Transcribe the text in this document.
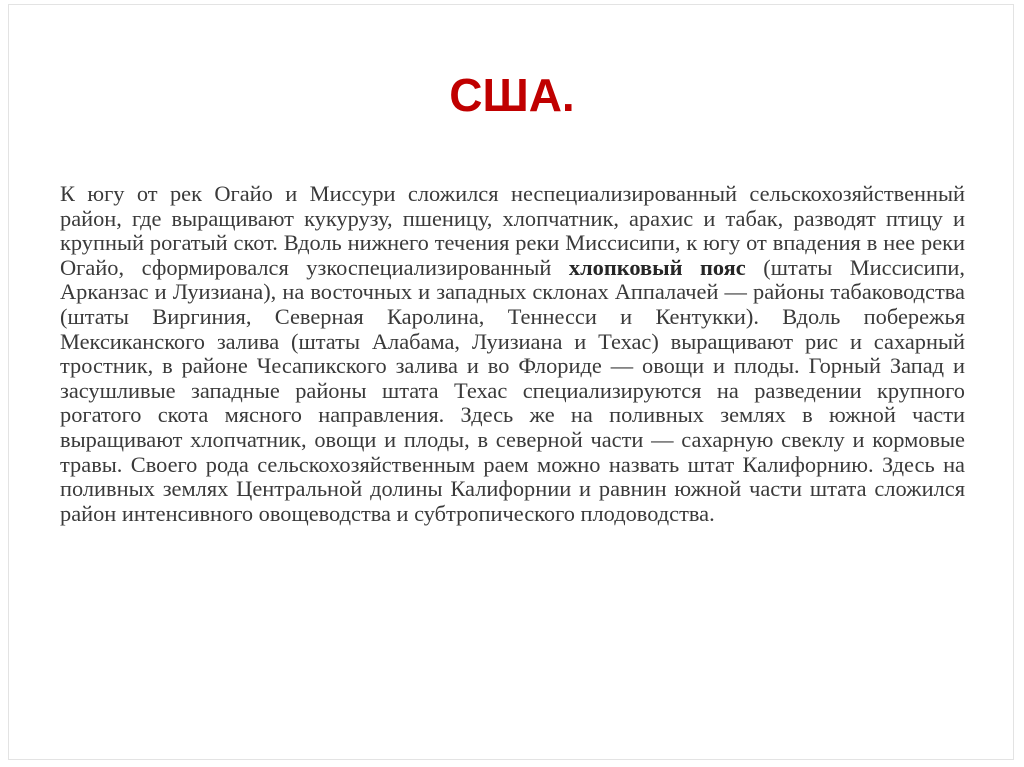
США.

К югу от рек Огайо и Миссури сложился неспециализированный сельскохозяйственный район, где выращивают кукурузу, пшеницу, хлопчатник, арахис и табак, разводят птицу и крупный рогатый скот. Вдоль нижнего течения реки Миссисипи, к югу от впадения в нее реки Огайо, сформировался узкоспециализированный хлопковый пояс (штаты Миссисипи, Арканзас и Луизиана), на восточных и западных склонах Аппалачей — районы табаководства (штаты Виргиния, Северная Каролина, Теннесси и Кентукки). Вдоль побережья Мексиканского залива (штаты Алабама, Луизиана и Техас) выращивают рис и сахарный тростник, в районе Чесапикского залива и во Флориде — овощи и плоды. Горный Запад и засушливые западные районы штата Техас специализируются на разведении крупного рогатого скота мясного направления. Здесь же на поливных землях в южной части выращивают хлопчатник, овощи и плоды, в северной части — сахарную свеклу и кормовые травы. Своего рода сельскохозяйственным раем можно назвать штат Калифорнию. Здесь на поливных землях Центральной долины Калифорнии и равнин южной части штата сложился район интенсивного овощеводства и субтропического плодоводства.
